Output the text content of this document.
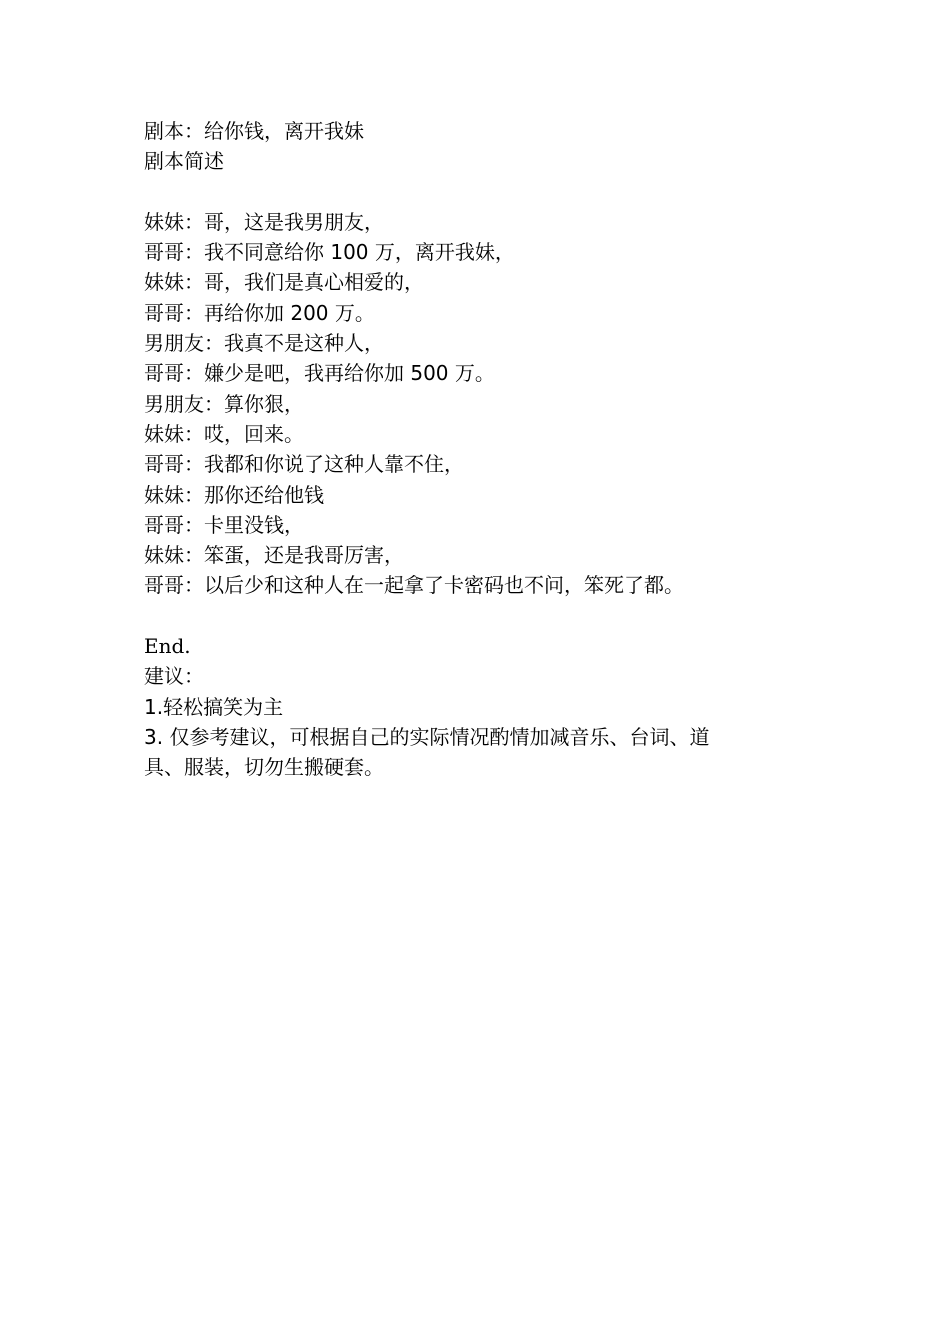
剧本：给你钱，离开我妹
剧本简述
妹妹：哥，这是我男朋友，
哥哥：我不同意给你 100 万，离开我妹，
妹妹：哥，我们是真心相爱的，
哥哥：再给你加 200 万。
男朋友：我真不是这种人，
哥哥：嫌少是吧，我再给你加 500 万。
男朋友：算你狠，
妹妹：哎，回来。
哥哥：我都和你说了这种人靠不住，
妹妹：那你还给他钱
哥哥：卡里没钱，
妹妹：笨蛋，还是我哥厉害，
哥哥：以后少和这种人在一起拿了卡密码也不问，笨死了都。
End.
建议：
1.轻松搞笑为主
3. 仅参考建议，可根据自己的实际情况酌情加减音乐、台词、道具、服装，切勿生搬硬套。
